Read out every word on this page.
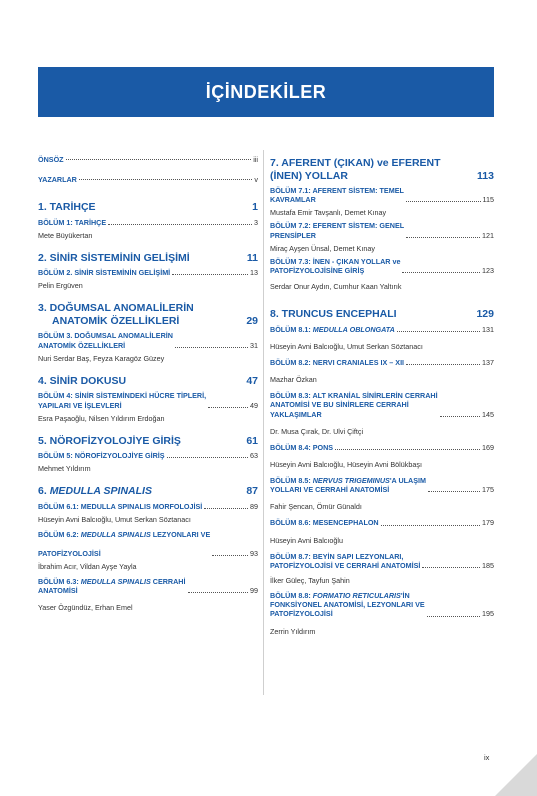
İÇİNDEKİLER
ÖNSÖZ	iii
YAZARLAR	v
1. TARİHÇE	1
BÖLÜM 1: TARİHÇE	3
Mete Büyükertan
2. SİNİR SİSTEMİNİN GELİŞİMİ	11
BÖLÜM 2. SİNİR SİSTEMİNİN GELİŞİMİ	13
Pelin Ergüven
3. DOĞUMSAL ANOMALİLERİN
ANATOMİK ÖZELLİKLERİ	29
BÖLÜM 3. DOĞUMSAL ANOMALİLERİN
ANATOMİK ÖZELLİKLERİ	31
Nuri Serdar Baş, Feyza Karagöz Güzey
4. SİNİR DOKUSU	47
BÖLÜM 4: SİNİR SİSTEMİNDEKİ HÜCRE TİPLERİ,
YAPILARI VE İŞLEVLERİ	49
Esra Paşaoğlu, Nilsen Yıldırım Erdoğan
5. NÖROFİZYOLOJİYE GİRİŞ	61
BÖLÜM 5: NÖROFİZYOLOJİYE GİRİŞ	63
Mehmet Yıldırım
6. MEDULLA SPINALIS	87
BÖLÜM 6.1: MEDULLA SPINALIS MORFOLOJİSİ	89
Hüseyin Avni Balcıoğlu, Umut Serkan Söztanacı
BÖLÜM 6.2: MEDULLA SPINALIS LEZYONLARI VE

PATOFİZYOLOJİSİ	93
İbrahim Acır, Vildan Ayşe Yayla
BÖLÜM 6.3: MEDULLA SPINALIS CERRAHİ
ANATOMİSİ	99
Yaser Özgündüz, Erhan Emel
7. AFERENT (ÇIKAN) ve EFERENT
(İNEN) YOLLAR	113
BÖLÜM 7.1: AFERENT SİSTEM: TEMEL
KAVRAMLAR	115
Mustafa Emir Tavşanlı, Demet Kınay
BÖLÜM 7.2: EFERENT SİSTEM: GENEL
PRENSİPLER	121
Miraç Ayşen Ünsal, Demet Kınay
BÖLÜM 7.3: İNEN - ÇIKAN YOLLAR ve
PATOFİZYOLOJİSİNE GİRİŞ	123
Serdar Onur Aydın, Cumhur Kaan Yaltırık
8. TRUNCUS ENCEPHALI	129
BÖLÜM 8.1: MEDULLA OBLONGATA	131
Hüseyin Avni Balcıoğlu, Umut Serkan Söztanacı
BÖLÜM 8.2: NERVI CRANIALES IX – XII	137
Mazhar Özkan
BÖLÜM 8.3: ALT KRANİAL SİNİRLERİN CERRAHİ
ANATOMİSİ VE BU SİNİRLERE CERRAHİ
YAKLAŞIMLAR	145
Dr. Musa Çırak, Dr. Ulvi Çiftçi
BÖLÜM 8.4: PONS	169
Hüseyin Avni Balcıoğlu, Hüseyin Avni Bölükbaşı
BÖLÜM 8.5: NERVUS TRIGEMINUS'A ULAŞIM
YOLLARI VE CERRAHİ ANATOMİSİ	175
Fahir Şencan, Ömür Günaldı
BÖLÜM 8.6: MESENCEPHALON	179
Hüseyin Avni Balcıoğlu
BÖLÜM 8.7: BEYİN SAPI LEZYONLARI,
PATOFİZYOLOJİSİ VE CERRAHİ ANATOMİSİ	185
İlker Güleç, Tayfun Şahin
BÖLÜM 8.8: FORMATIO RETICULARIS'İN
FONKSİYONEL ANATOMİSİ, LEZYONLARI VE
PATOFİZYOLOJİSİ	195
Zerrin Yıldırım
ix
